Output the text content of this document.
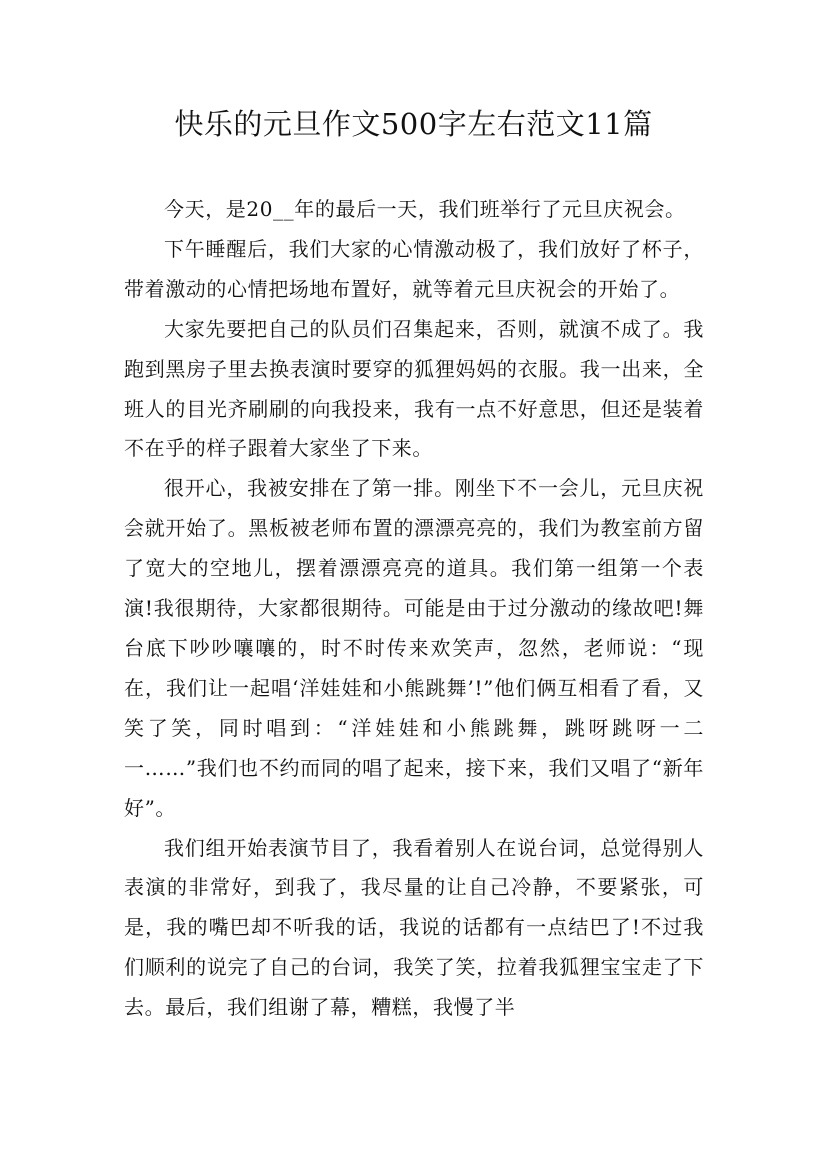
快乐的元旦作文500字左右范文11篇

今天，是20__年的最后一天，我们班举行了元旦庆祝会。

下午睡醒后，我们大家的心情激动极了，我们放好了杯子，带着激动的心情把场地布置好，就等着元旦庆祝会的开始了。

大家先要把自己的队员们召集起来，否则，就演不成了。我跑到黑房子里去换表演时要穿的狐狸妈妈的衣服。我一出来，全班人的目光齐刷刷的向我投来，我有一点不好意思，但还是装着不在乎的样子跟着大家坐了下来。

很开心，我被安排在了第一排。刚坐下不一会儿，元旦庆祝会就开始了。黑板被老师布置的漂漂亮亮的，我们为教室前方留了宽大的空地儿，摆着漂漂亮亮的道具。我们第一组第一个表演!我很期待，大家都很期待。可能是由于过分激动的缘故吧!舞台底下吵吵嚷嚷的，时不时传来欢笑声，忽然，老师说：“现在，我们让一起唱‘洋娃娃和小熊跳舞’!”他们俩互相看了看，又笑了笑，同时唱到：“洋娃娃和小熊跳舞，跳呀跳呀一二一……”我们也不约而同的唱了起来，接下来，我们又唱了“新年好”。

我们组开始表演节目了，我看着别人在说台词，总觉得别人表演的非常好，到我了，我尽量的让自己冷静，不要紧张，可是，我的嘴巴却不听我的话，我说的话都有一点结巴了!不过我们顺利的说完了自己的台词，我笑了笑，拉着我狐狸宝宝走了下去。最后，我们组谢了幕，糟糕，我慢了半
